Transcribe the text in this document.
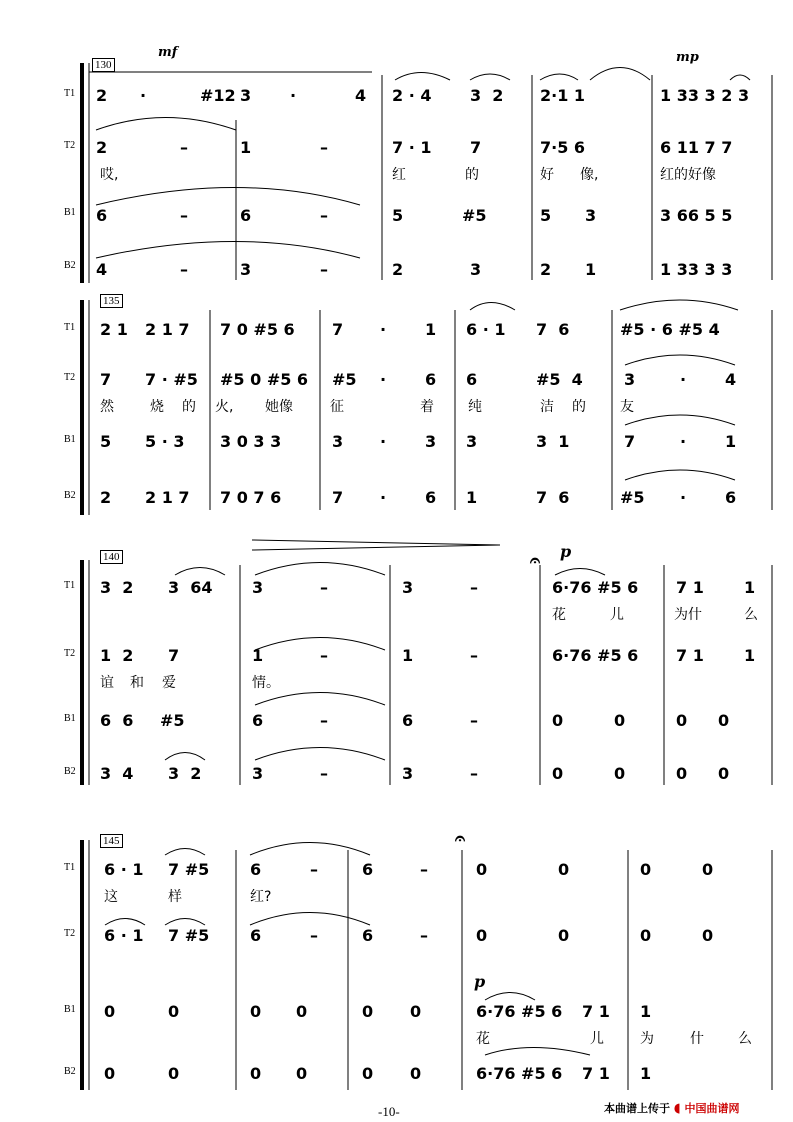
T1
T2
B1
B2
T1
T2
B1
B2
T1
T2
B1
B2
T1
T2
B1
B2
130
135
140
145
mf	mp
p
p
𝄐
𝄐
2 ·	#12 3 ·	4 2 · 4 3  2 2·1 1	1 33 3 2 3
2	–	1	–	7 · 1 7	7·5 6	6 11 7 7
哎,	红	的	好 像,	红的好像
6	–	6	–	5	#5	5 3	3 66 5 5
4	–	3	–	2	3	2 1	1 33 3 3
2 1 2 1 7 7 0 #5 6 7 · 1 6 · 1 7  6	#5 · 6 #5 4
7 7 · #5 #5 0 #5 6 #5 · 6 6	#5  4	3	· 4
然	烧 的 火, 她像	征	着 纯	洁 的 友
5 5 · 3 3 0 3 3	3 · 3 3	3  1	7	· 1
2 2 1 7 7 0 7 6	7 · 6 1	7  6	#5 · 6
3  2 3  64 3	–	3	–	6·76 #5 6 7 1	1
花	儿	为什	么
1  2 7	1	–	1	–	6·76 #5 6 7 1	1
谊 和 爱	情。
6  6 #5	6	–	6	–	0	0	0 0
3  4 3  2	3	–	3	–	0	0	0 0
6 · 1 7 #5	6	–	6	–	0	0	0	0
这	样	红?
6 · 1 7 #5	6	–	6	–	0	0	0	0
0	0	0 0	0 0	6·76 #5 6 7 1 1
花	儿	为	什 么
0	0	0 0	0 0	6·76 #5 6 7 1 1
-10-	本曲谱上传于 ◖ 中国曲谱网
